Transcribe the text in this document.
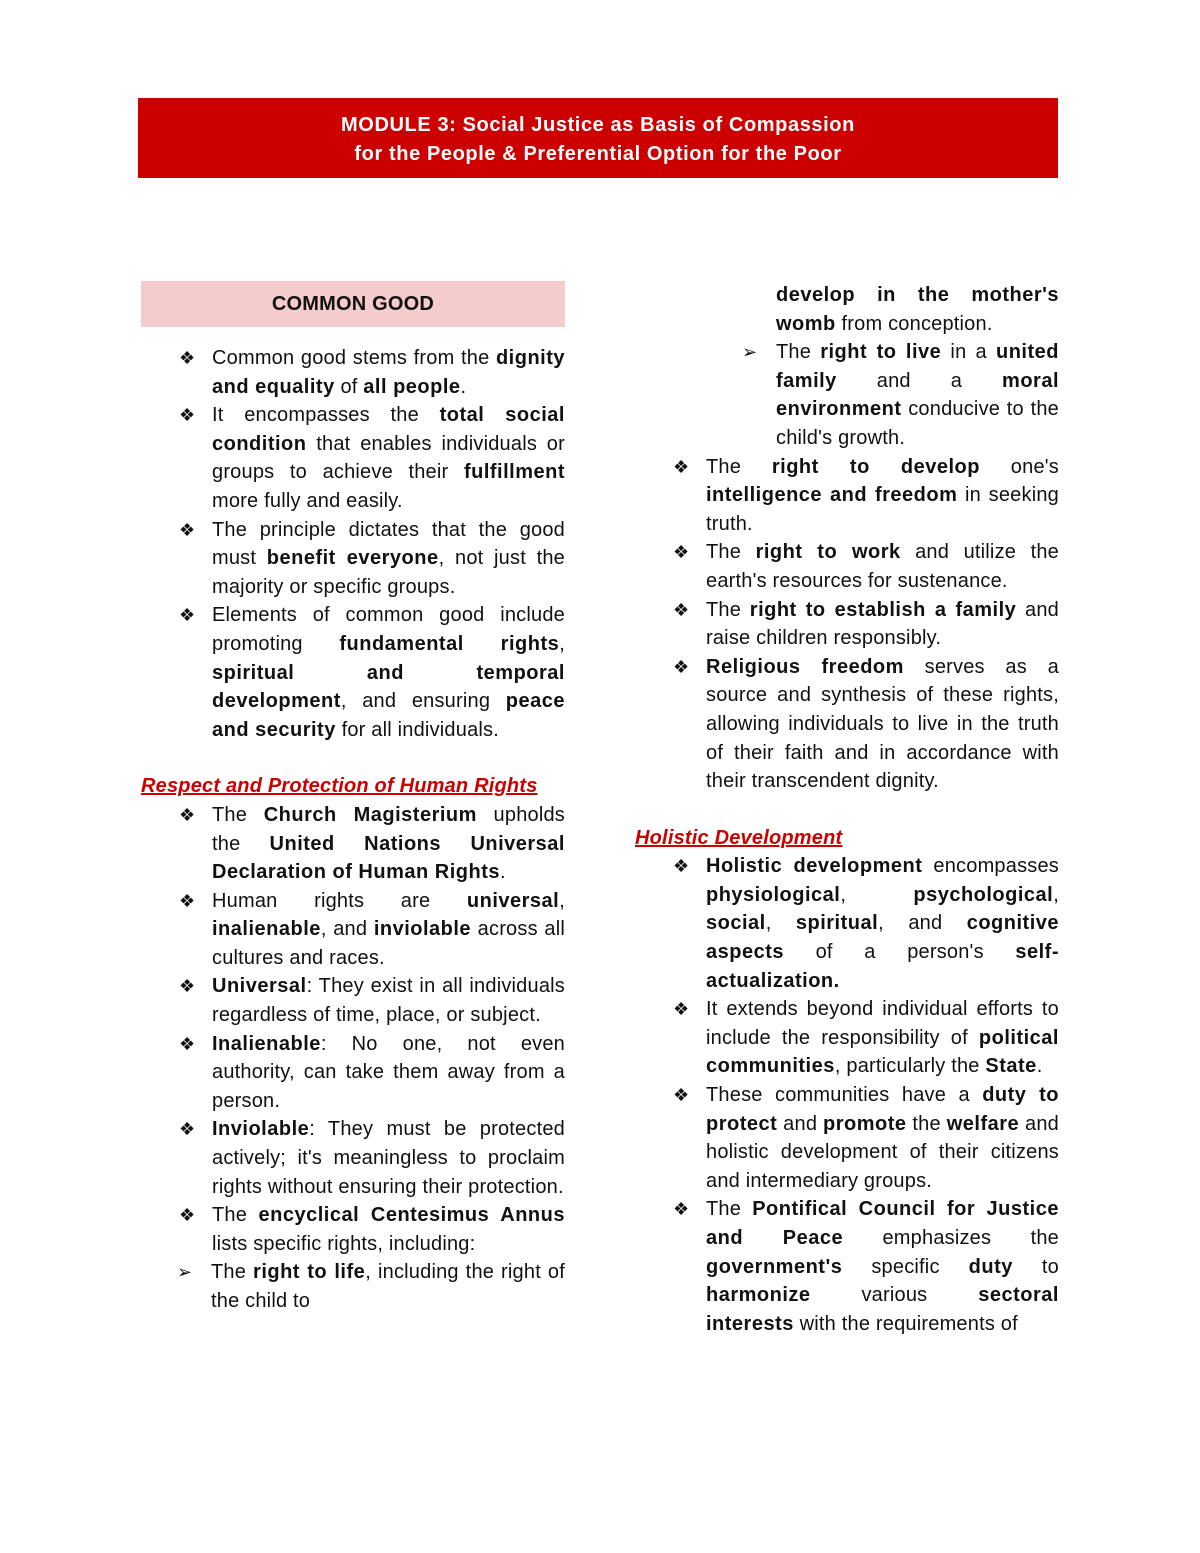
MODULE 3: Social Justice as Basis of Compassion
for the People & Preferential Option for the Poor
COMMON GOOD
❖ Common good stems from the dignity and equality of all people.
❖ It encompasses the total social condition that enables individuals or groups to achieve their fulfillment more fully and easily.
❖ The principle dictates that the good must benefit everyone, not just the majority or specific groups.
❖ Elements of common good include promoting fundamental rights, spiritual and temporal development, and ensuring peace and security for all individuals.
Respect and Protection of Human Rights
❖ The Church Magisterium upholds the United Nations Universal Declaration of Human Rights.
❖ Human rights are universal, inalienable, and inviolable across all cultures and races.
❖ Universal: They exist in all individuals regardless of time, place, or subject.
❖ Inalienable: No one, not even authority, can take them away from a person.
❖ Inviolable: They must be protected actively; it's meaningless to proclaim rights without ensuring their protection.
❖ The encyclical Centesimus Annus lists specific rights, including:
➢ The right to life, including the right of the child to
develop in the mother's womb from conception.
➢ The right to live in a united family and a moral environment conducive to the child's growth.
❖ The right to develop one's intelligence and freedom in seeking truth.
❖ The right to work and utilize the earth's resources for sustenance.
❖ The right to establish a family and raise children responsibly.
❖ Religious freedom serves as a source and synthesis of these rights, allowing individuals to live in the truth of their faith and in accordance with their transcendent dignity.
Holistic Development
❖ Holistic development encompasses physiological, psychological, social, spiritual, and cognitive aspects of a person's self-actualization.
❖ It extends beyond individual efforts to include the responsibility of political communities, particularly the State.
❖ These communities have a duty to protect and promote the welfare and holistic development of their citizens and intermediary groups.
❖ The Pontifical Council for Justice and Peace emphasizes the government's specific duty to harmonize various sectoral interests with the requirements of
